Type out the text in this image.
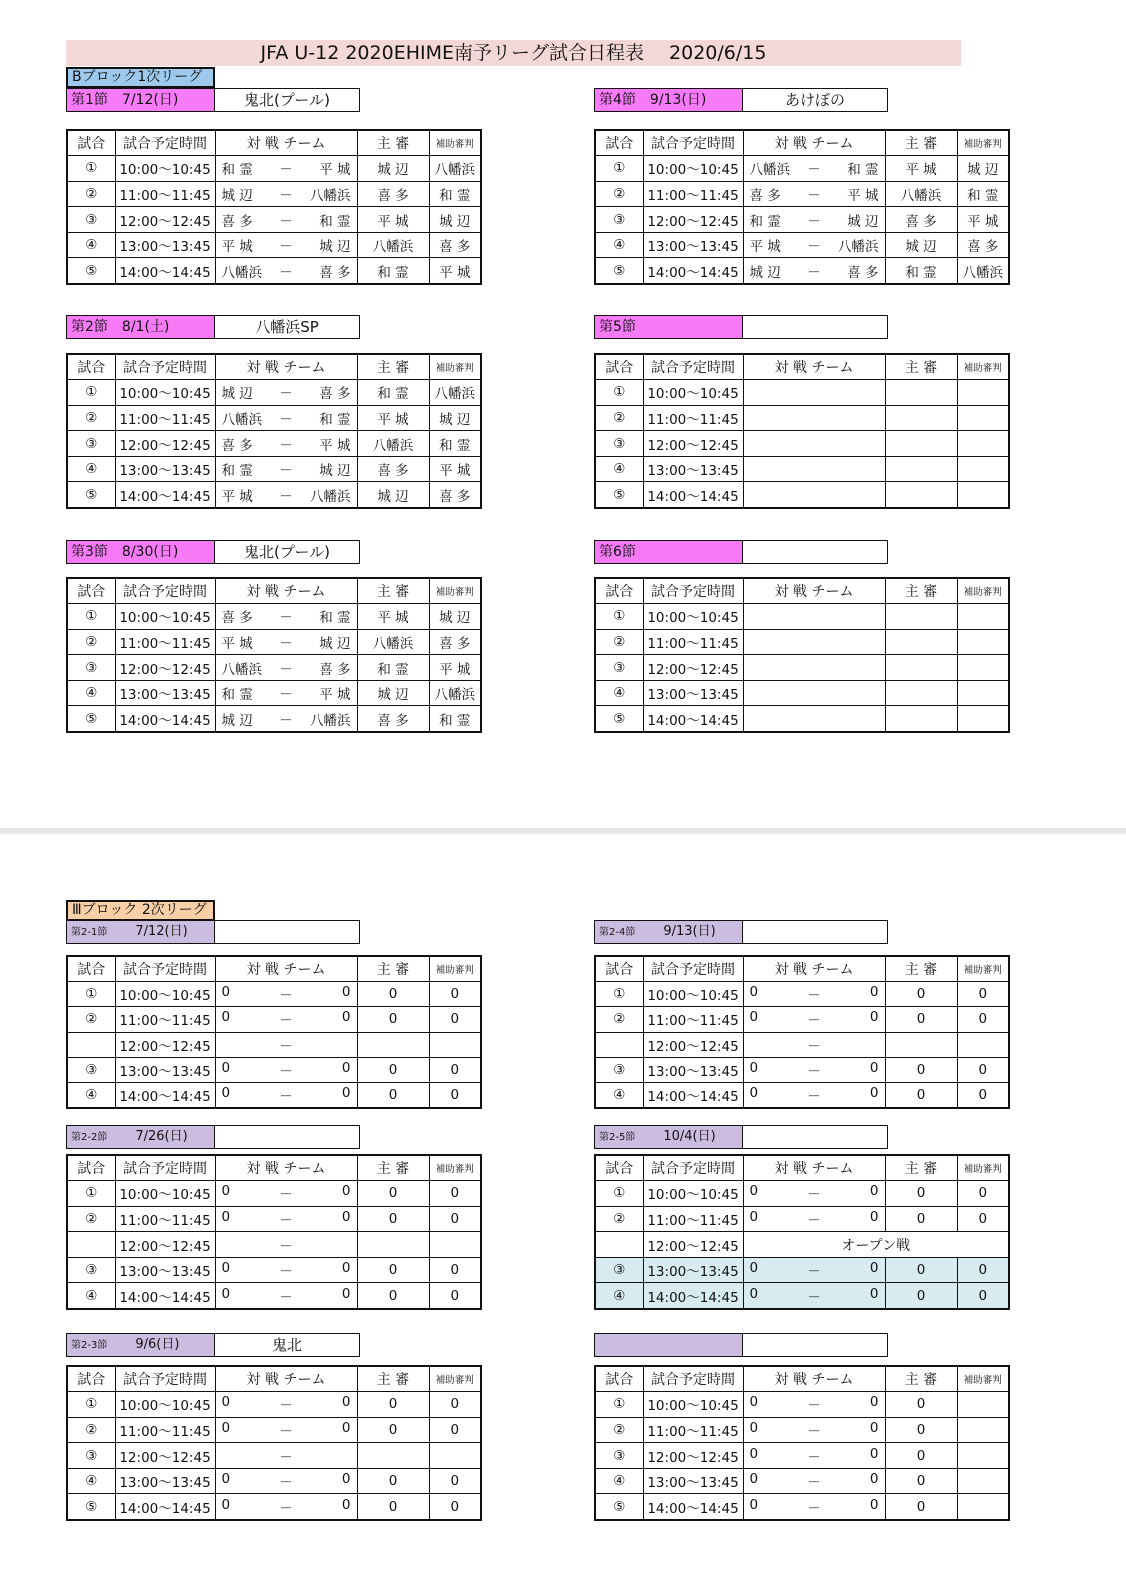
JFA U-12 2020EHIME南予リーグ試合日程表　 2020/6/15
Bブロック1次リーグ
Ⅲブロック 2次リーグ
第1節 7/12(日)	鬼北(プール)
試合	試合予定時間	対 戦 チーム	主 審	補助審判
①	10:00～10:45	和 霊 － 平 城	城 辺	八幡浜
②	11:00～11:45	城 辺 － 八幡浜	喜 多	和 霊
③	12:00～12:45	喜 多 － 和 霊	平 城	城 辺
④	13:00～13:45	平 城 － 城 辺	八幡浜	喜 多
⑤	14:00～14:45	八幡浜 － 喜 多	和 霊	平 城
第4節 9/13(日)	あけぼの
試合	試合予定時間	対 戦 チーム	主 審	補助審判
①	10:00～10:45	八幡浜 － 和 霊	平 城	城 辺
②	11:00～11:45	喜 多 － 平 城	八幡浜	和 霊
③	12:00～12:45	和 霊 － 城 辺	喜 多	平 城
④	13:00～13:45	平 城 － 八幡浜	城 辺	喜 多
⑤	14:00～14:45	城 辺 － 喜 多	和 霊	八幡浜
第2節 8/1(土)	八幡浜SP
試合	試合予定時間	対 戦 チーム	主 審	補助審判
①	10:00～10:45	城 辺 － 喜 多	和 霊	八幡浜
②	11:00～11:45	八幡浜 － 和 霊	平 城	城 辺
③	12:00～12:45	喜 多 － 平 城	八幡浜	和 霊
④	13:00～13:45	和 霊 － 城 辺	喜 多	平 城
⑤	14:00～14:45	平 城 － 八幡浜	城 辺	喜 多
第5節
試合	試合予定時間	対 戦 チーム	主 審	補助審判
①	10:00～10:45	

②	11:00～11:45	

③	12:00～12:45	

④	13:00～13:45	

⑤	14:00～14:45	

第3節 8/30(日)	鬼北(プール)
試合	試合予定時間	対 戦 チーム	主 審	補助審判
①	10:00～10:45	喜 多 － 和 霊	平 城	城 辺
②	11:00～11:45	平 城 － 城 辺	八幡浜	喜 多
③	12:00～12:45	八幡浜 － 喜 多	和 霊	平 城
④	13:00～13:45	和 霊 － 平 城	城 辺	八幡浜
⑤	14:00～14:45	城 辺 － 八幡浜	喜 多	和 霊
第6節
試合	試合予定時間	対 戦 チーム	主 審	補助審判
①	10:00～10:45	

②	11:00～11:45	

③	12:00～12:45	

④	13:00～13:45	

⑤	14:00～14:45	

第2-1節 7/12(日)
試合	試合予定時間	対 戦 チーム	主 審	補助審判
①	10:00～10:45	0 － 0	0	0
②	11:00～11:45	0 － 0	0	0
	12:00～12:45	－		

③	13:00～13:45	0 － 0	0	0
④	14:00～14:45	0 － 0	0	0
第2-4節 9/13(日)
試合	試合予定時間	対 戦 チーム	主 審	補助審判
①	10:00～10:45	0 － 0	0	0
②	11:00～11:45	0 － 0	0	0
	12:00～12:45	－		

③	13:00～13:45	0 － 0	0	0
④	14:00～14:45	0 － 0	0	0
第2-2節 7/26(日)
試合	試合予定時間	対 戦 チーム	主 審	補助審判
①	10:00～10:45	0 － 0	0	0
②	11:00～11:45	0 － 0	0	0
	12:00～12:45	－		

③	13:00～13:45	0 － 0	0	0
④	14:00～14:45	0 － 0	0	0
第2-5節 10/4(日)
試合	試合予定時間	対 戦 チーム	主 審	補助審判
①	10:00～10:45	0 － 0	0	0
②	11:00～11:45	0 － 0	0	0
	12:00～12:45	オープン戦		
③	13:00～13:45	0 － 0	0	0
④	14:00～14:45	0 － 0	0	0
第2-3節 9/6(日)	鬼北
試合	試合予定時間	対 戦 チーム	主 審	補助審判
①	10:00～10:45	0 － 0	0	0
②	11:00～11:45	0 － 0	0	0
③	12:00～12:45	－		

④	13:00～13:45	0 － 0	0	0
⑤	14:00～14:45	0 － 0	0	0
試合	試合予定時間	対 戦 チーム	主 審	補助審判
①	10:00～10:45	0 － 0	0	
②	11:00～11:45	0 － 0	0	
③	12:00～12:45	0 － 0	0	
④	13:00～13:45	0 － 0	0	
⑤	14:00～14:45	0 － 0	0	
